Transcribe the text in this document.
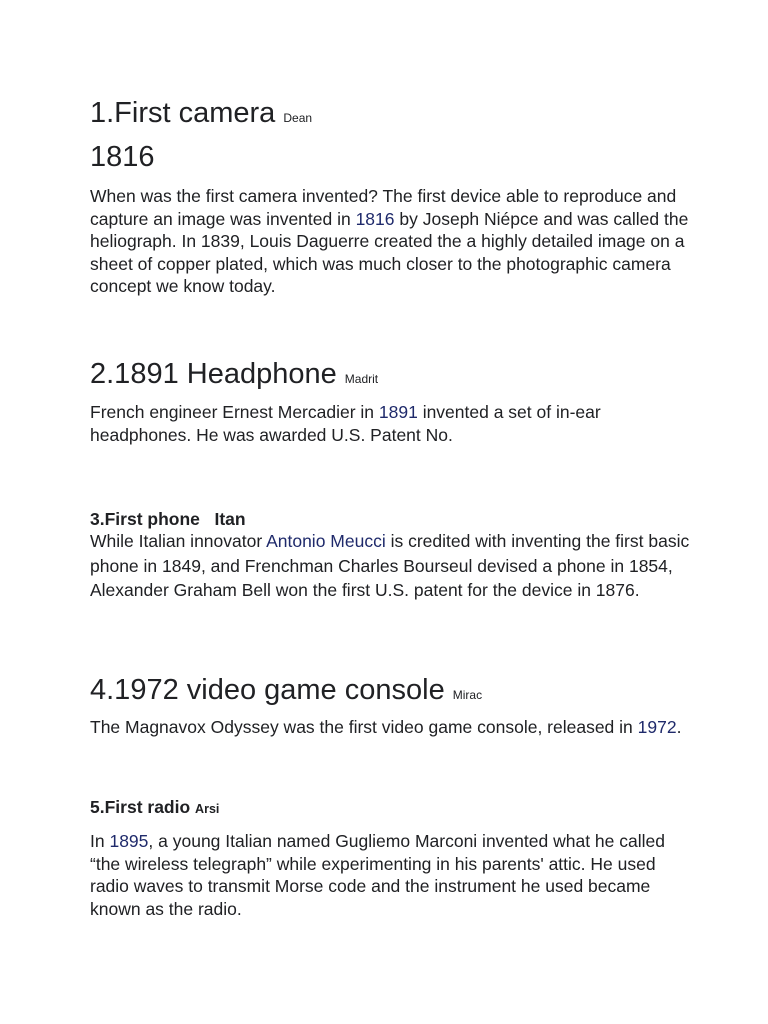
1.First camera Dean
1816

When was the first camera invented? The first device able to reproduce and capture an image was invented in 1816 by Joseph Niépce and was called the heliograph. In 1839, Louis Daguerre created the a highly detailed image on a sheet of copper plated, which was much closer to the photographic camera concept we know today.

2.1891 Headphone Madrit

French engineer Ernest Mercadier in 1891 invented a set of in-ear headphones. He was awarded U.S. Patent No.

3.First phone Itan

While Italian innovator Antonio Meucci is credited with inventing the first basic phone in 1849, and Frenchman Charles Bourseul devised a phone in 1854, Alexander Graham Bell won the first U.S. patent for the device in 1876.

4.1972 video game console Mirac

The Magnavox Odyssey was the first video game console, released in 1972.

5.First radio Arsi

In 1895, a young Italian named Gugliemo Marconi invented what he called “the wireless telegraph” while experimenting in his parents' attic. He used radio waves to transmit Morse code and the instrument he used became known as the radio.
